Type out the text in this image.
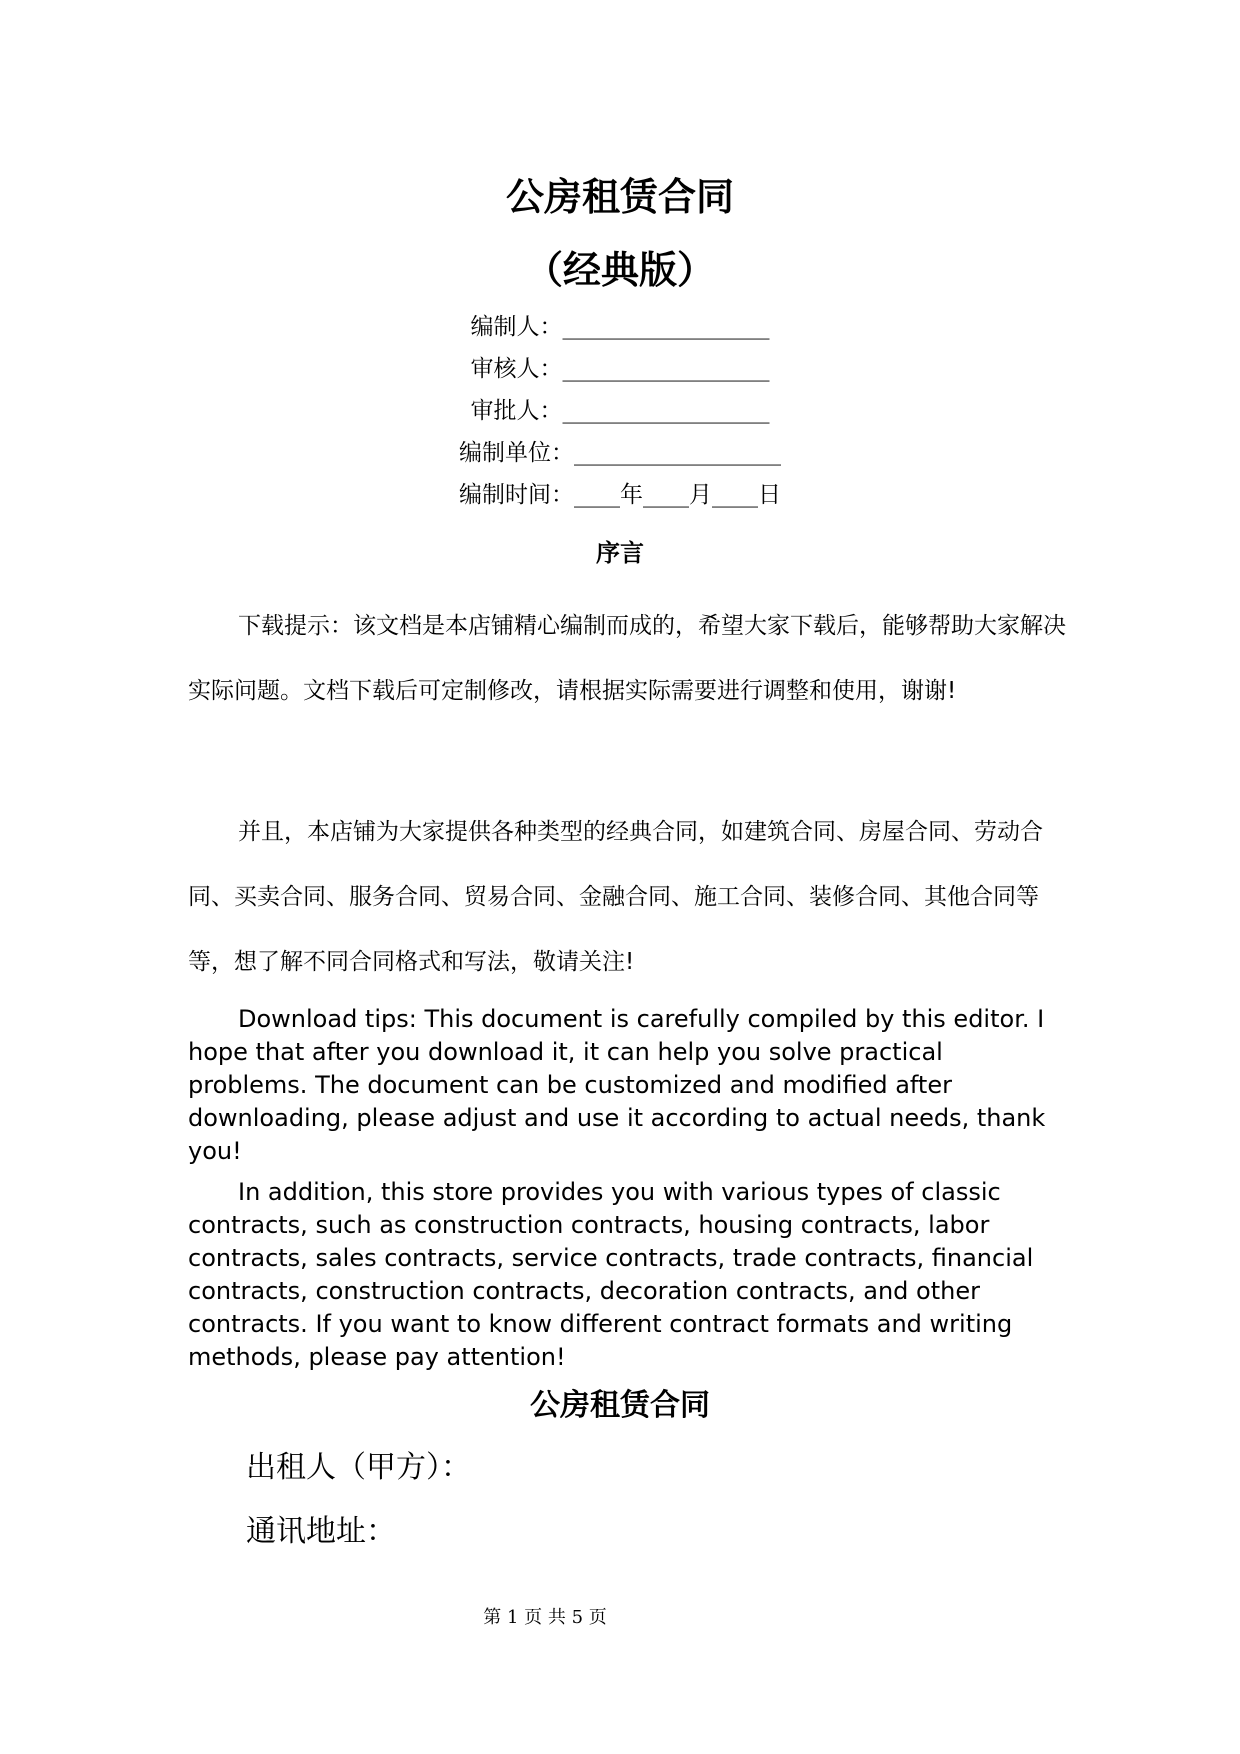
公房租赁合同
（经典版）
编制人：__________________
审核人：__________________
审批人：__________________
编制单位：__________________
编制时间：____年____月____日
序言

下载提示：该文档是本店铺精心编制而成的，希望大家下载后，能够帮助大家解决实际问题。文档下载后可定制修改，请根据实际需要进行调整和使用，谢谢!

并且，本店铺为大家提供各种类型的经典合同，如建筑合同、房屋合同、劳动合同、买卖合同、服务合同、贸易合同、金融合同、施工合同、装修合同、其他合同等等，想了解不同合同格式和写法，敬请关注!

Download tips: This document is carefully compiled by this editor. I hope that after you download it, it can help you solve practical problems. The document can be customized and modified after downloading, please adjust and use it according to actual needs, thank you!

In addition, this store provides you with various types of classic contracts, such as construction contracts, housing contracts, labor contracts, sales contracts, service contracts, trade contracts, financial contracts, construction contracts, decoration contracts, and other contracts. If you want to know different contract formats and writing methods, please pay attention!

公房租赁合同
出租人（甲方）：
通讯地址：
第 1 页 共 5 页
